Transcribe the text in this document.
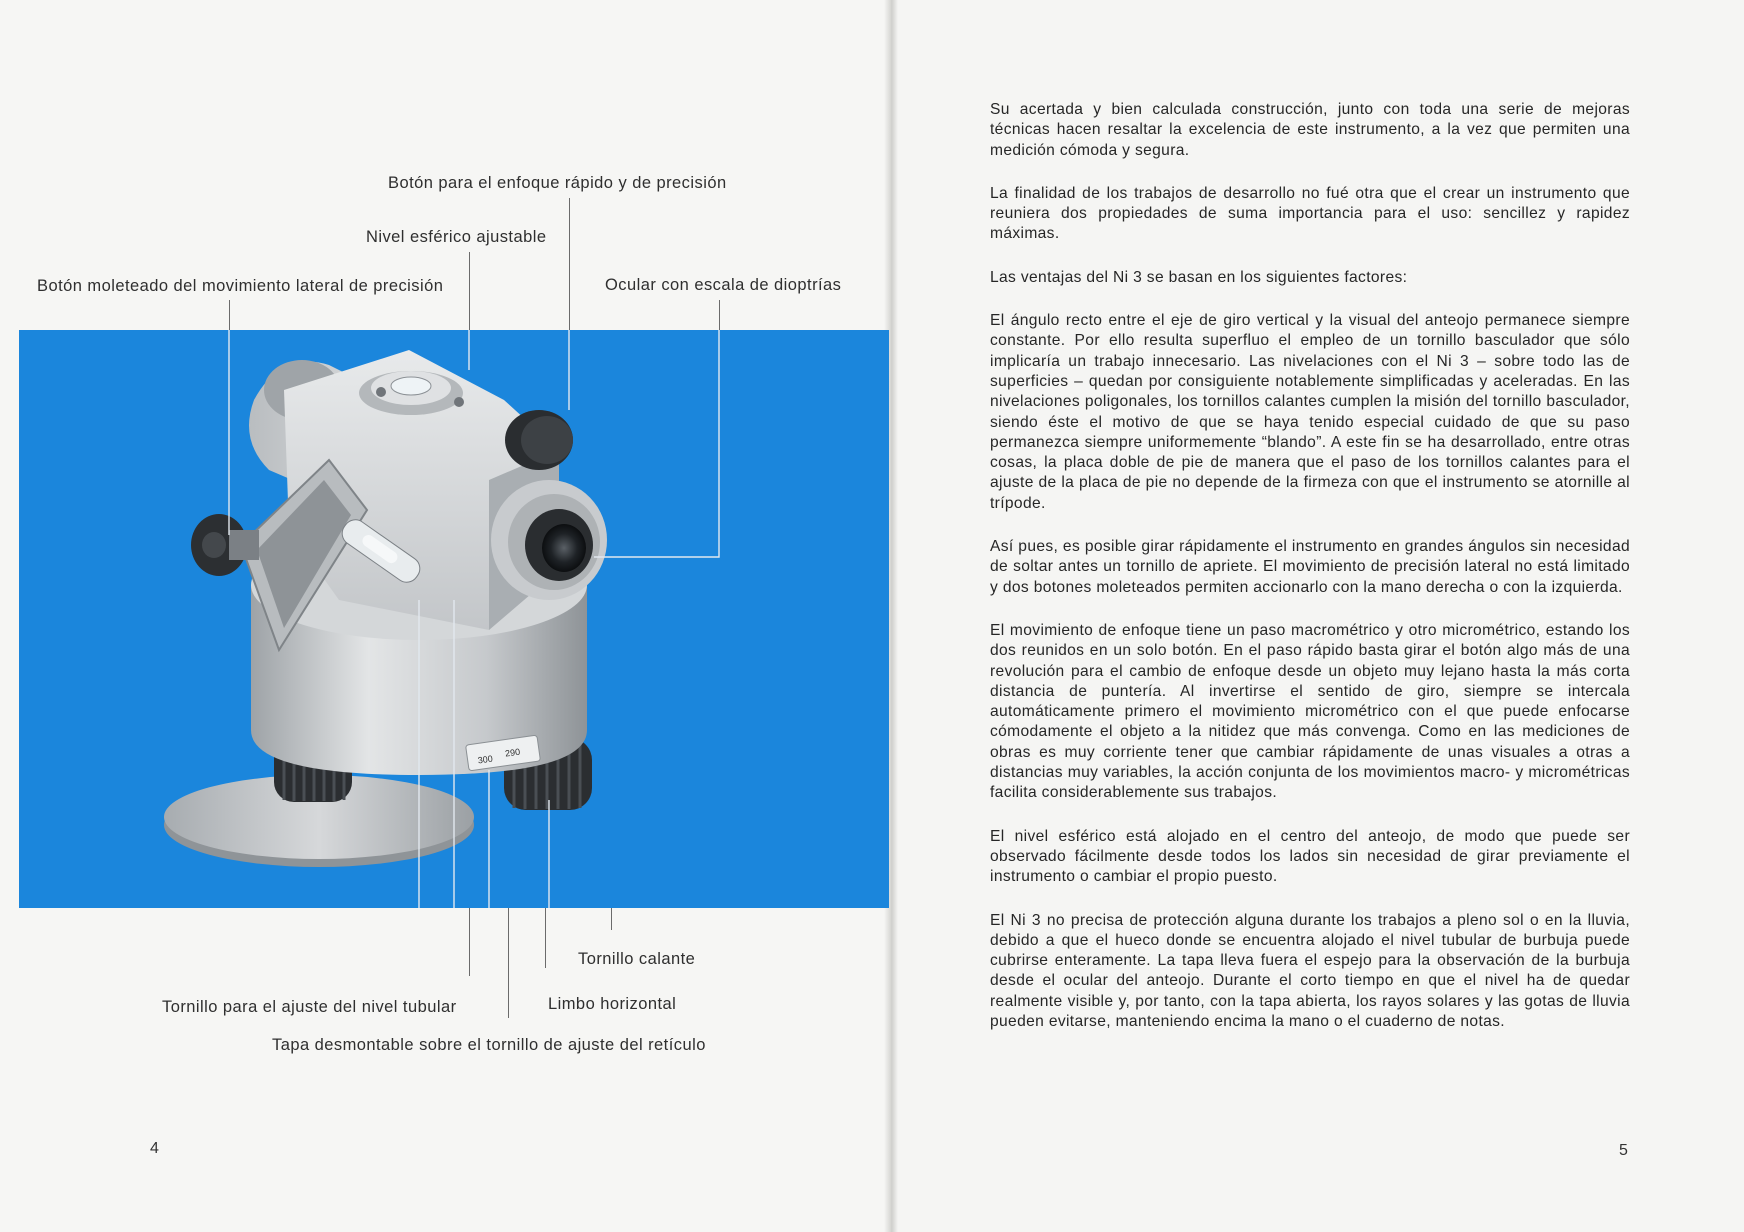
Botón para el enfoque rápido y de precisión
Nivel esférico ajustable
Botón moleteado del movimiento lateral de precisión	Ocular con escala de dioptrías
Tornillo calante
Tornillo para el ajuste del nivel tubular	Limbo horizontal
Tapa desmontable sobre el tornillo de ajuste del retículo
300
290
4

Su acertada y bien calculada construcción, junto con toda una serie de mejoras técnicas hacen resaltar la excelencia de este instrumento, a la vez que permiten una medición cómoda y segura.

La finalidad de los trabajos de desarrollo no fué otra que el crear un instrumento que reuniera dos propiedades de suma importancia para el uso: sencillez y rapidez máximas.

Las ventajas del Ni 3 se basan en los siguientes factores:

El ángulo recto entre el eje de giro vertical y la visual del anteojo permanece siempre constante. Por ello resulta superfluo el empleo de un tornillo basculador que sólo implicaría un trabajo innecesario. Las nivelaciones con el Ni 3 – sobre todo las de superficies – quedan por consiguiente notablemente simplificadas y aceleradas. En las nivelaciones poligonales, los tornillos calantes cumplen la misión del tornillo basculador, siendo éste el motivo de que se haya tenido especial cuidado de que su paso permanezca siempre uniformemente “blando”. A este fin se ha desarrollado, entre otras cosas, la placa doble de pie de manera que el paso de los tornillos calantes para el ajuste de la placa de pie no depende de la firmeza con que el instrumento se atornille al trípode.

Así pues, es posible girar rápidamente el instrumento en grandes ángulos sin necesidad de soltar antes un tornillo de apriete. El movimiento de precisión lateral no está limitado y dos botones moleteados permiten accionarlo con la mano derecha o con la izquierda.

El movimiento de enfoque tiene un paso macrométrico y otro micrométrico, estando los dos reunidos en un solo botón. En el paso rápido basta girar el botón algo más de una revolución para el cambio de enfoque desde un objeto muy lejano hasta la más corta distancia de puntería. Al invertirse el sentido de giro, siempre se intercala automáticamente primero el movimiento micrométrico con el que puede enfocarse cómodamente el objeto a la nitidez que más convenga. Como en las mediciones de obras es muy corriente tener que cambiar rápidamente de unas visuales a otras a distancias muy variables, la acción conjunta de los movimientos macro- y micrométricas facilita considerablemente sus trabajos.

El nivel esférico está alojado en el centro del anteojo, de modo que puede ser observado fácilmente desde todos los lados sin necesidad de girar previamente el instrumento o cambiar el propio puesto.

El Ni 3 no precisa de protección alguna durante los trabajos a pleno sol o en la lluvia, debido a que el hueco donde se encuentra alojado el nivel tubular de burbuja puede cubrirse enteramente. La tapa lleva fuera el espejo para la observación de la burbuja desde el ocular del anteojo. Durante el corto tiempo en que el nivel ha de quedar realmente visible y, por tanto, con la tapa abierta, los rayos solares y las gotas de lluvia pueden evitarse, manteniendo encima la mano o el cuaderno de notas.

5
